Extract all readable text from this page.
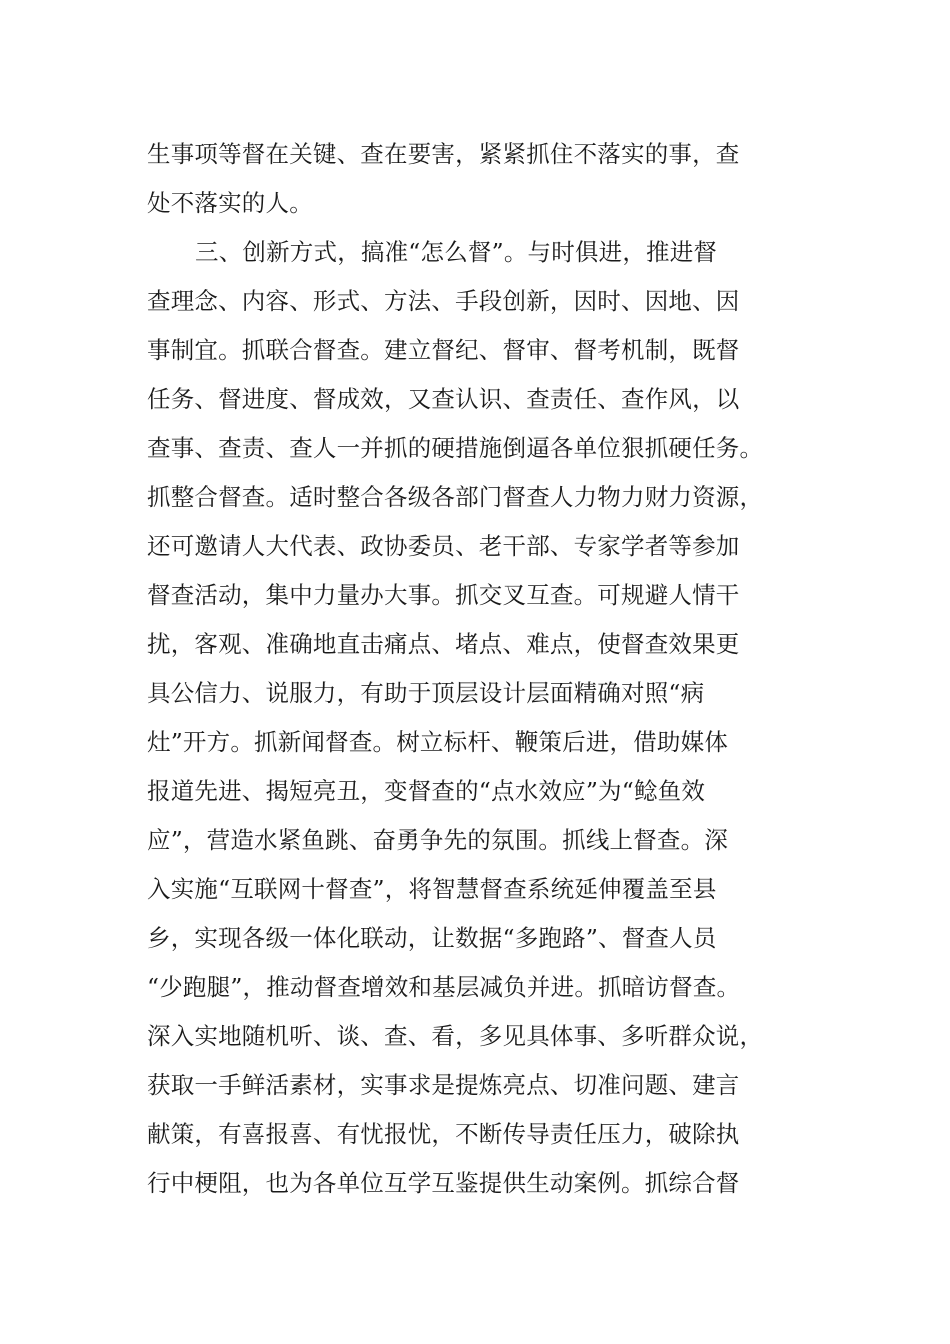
生事项等督在关键、查在要害，紧紧抓住不落实的事，查
处不落实的人。
三、创新方式，搞准“怎么督”。与时俱进，推进督
查理念、内容、形式、方法、手段创新，因时、因地、因
事制宜。抓联合督查。建立督纪、督审、督考机制，既督
任务、督进度、督成效，又查认识、查责任、查作风，以
查事、查责、查人一并抓的硬措施倒逼各单位狠抓硬任务。
抓整合督查。适时整合各级各部门督查人力物力财力资源，
还可邀请人大代表、政协委员、老干部、专家学者等参加
督查活动，集中力量办大事。抓交叉互查。可规避人情干
扰，客观、准确地直击痛点、堵点、难点，使督查效果更
具公信力、说服力，有助于顶层设计层面精确对照“病
灶”开方。抓新闻督查。树立标杆、鞭策后进，借助媒体
报道先进、揭短亮丑，变督查的“点水效应”为“鲶鱼效
应”，营造水紧鱼跳、奋勇争先的氛围。抓线上督查。深
入实施“互联网十督查”，将智慧督查系统延伸覆盖至县
乡，实现各级一体化联动，让数据“多跑路”、督查人员
“少跑腿”，推动督查增效和基层减负并进。抓暗访督查。
深入实地随机听、谈、查、看，多见具体事、多听群众说，
获取一手鲜活素材，实事求是提炼亮点、切准问题、建言
献策，有喜报喜、有忧报忧，不断传导责任压力，破除执
行中梗阻，也为各单位互学互鉴提供生动案例。抓综合督
